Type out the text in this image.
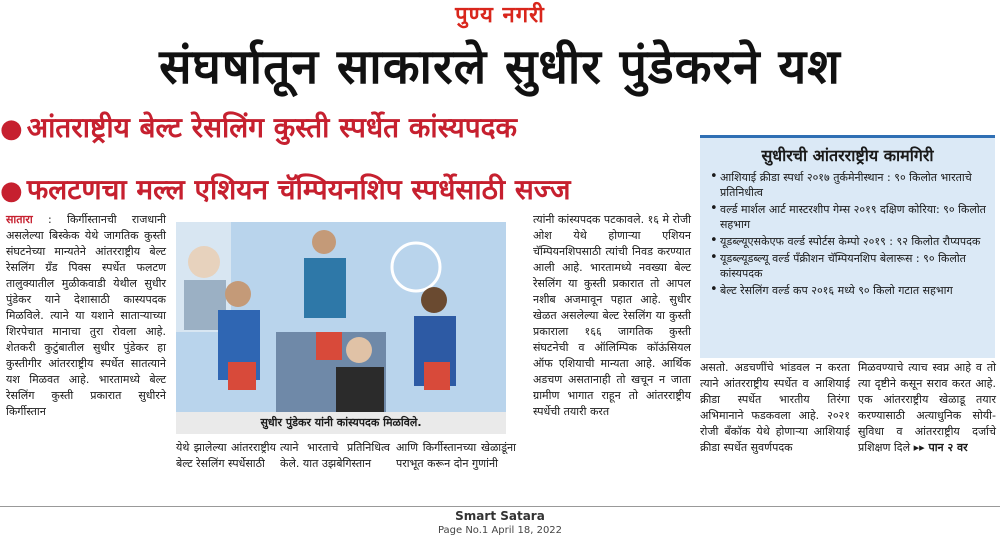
पुण्य नगरी
संघर्षातून साकारले सुधीर पुंडेकरने यश
● आंतराष्ट्रीय बेल्ट रेसलिंग कुस्ती स्पर्धेत कांस्यपदक
● फलटणचा मल्ल एशियन चॅम्पियनशिप स्पर्धेसाठी सज्ज
सुधीरची आंतरराष्ट्रीय कामगिरी
• आशियाई क्रीडा स्पर्धा २०१७ तुर्कमेनीस्थान : ९० किलोत भारताचे प्रतिनिधीत्व
• वर्ल्ड मार्शल आर्ट मास्टरशीप गेम्स २०१९ दक्षिण कोरिया: ९० किलोत सहभाग
• यूडब्ल्यूएसकेएफ वर्ल्ड स्पोर्टस केम्पो २०१९ : ९२ किलोत रौप्यपदक
• यूडब्ल्यूडब्ल्यू वर्ल्ड पँक्रीशन चॅम्पियनशिप बेलारूस : ९० किलोत कांस्यपदक
• बेल्ट रेसलिंग वर्ल्ड कप २०१६ मध्ये ९० किलो गटात सहभाग
सातारा : किर्गीस्तानची राजधानी असलेल्या बिस्केक येथे जागतिक कुस्ती संघटनेच्या मान्यतेने आंतरराष्ट्रीय बेल्ट रेसलिंग ग्रँड पिक्स स्पर्धेत फलटण तालुक्यातील मुळीकवाडी येथील सुधीर पुंडेकर याने देशासाठी कास्यपदक मिळविले. त्याने या यशाने साताऱ्याच्या शिरपेचात मानाचा तुरा रोवला आहे. शेतकरी कुटुंबातील सुधीर पुंडेकर हा कुस्तीगीर आंतरराष्ट्रीय स्पर्धेत सातत्याने यश मिळवत आहे. भारतामध्ये बेल्ट रेसलिंग कुस्ती प्रकारात सुधीरने किर्गीस्तान
सुधीर पुंडेकर यांनी कांस्यपदक मिळविले.
येथे झालेल्या आंतरराष्ट्रीय बेल्ट रेसलिंग स्पर्धेसाठी
त्याने भारताचे प्रतिनिधित्व केले. यात उझबेगिस्तान
आणि किर्गीस्तानच्या खेळाडूंना पराभूत करून दोन गुणांनी
त्यांनी कांस्यपदक पटकावले. १६ मे रोजी ओश येथे होणाऱ्या एशियन चॅम्पियनशिपसाठी त्यांची निवड करण्यात आली आहे. भारतामध्ये नवख्या बेल्ट रेसलिंग या कुस्ती प्रकारात तो आपल नशीब अजमावून पहात आहे. सुधीर खेळत असलेल्या बेल्ट रेसलिंग या कुस्ती प्रकाराला १६६ जागतिक कुस्ती संघटनेची व ऑलिम्पिक कॉऊंसियल ऑफ एशियाची मान्यता आहे. आर्थिक अडचण असतानाही तो खचून न जाता ग्रामीण भागात राहून तो आंतरराष्ट्रीय स्पर्धेची तयारी करत
असतो. अडचणींचे भांडवल न करता त्याने आंतरराष्ट्रीय स्पर्धेत व आशियाई क्रीडा स्पर्धेत भारतीय तिरंगा अभिमानाने फडकवला आहे. २०२१ रोजी बँकॉक येथे होणाऱ्या आशियाई क्रीडा स्पर्धेत सुवर्णपदक
मिळवण्याचे त्याच स्वप्न आहे व तो त्या दृष्टीने कसून सराव करत आहे. एक आंतरराष्ट्रीय खेळाडू तयार करण्यासाठी अत्याधुनिक सोयी-सुविधा व आंतरराष्ट्रीय दर्जाचे प्रशिक्षण दिले ▸▸ पान २ वर
Smart Satara
Page No.1 April 18, 2022
